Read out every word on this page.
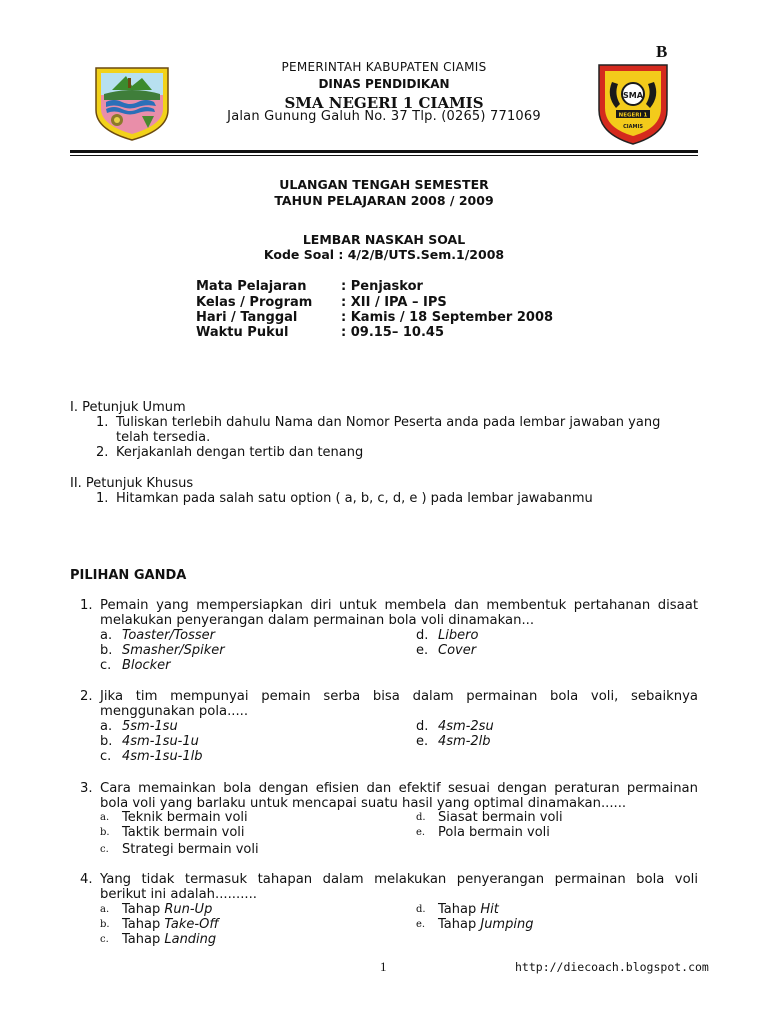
B
PEMERINTAH KABUPATEN CIAMIS
DINAS PENDIDIKAN
SMA NEGERI 1 CIAMIS
Jalan Gunung Galuh No. 37 Tlp. (0265) 771069
SMA
NEGERI 1
CIAMIS
ULANGAN TENGAH SEMESTER
TAHUN PELAJARAN 2008 / 2009
LEMBAR NASKAH SOAL
Kode Soal : 4/2/B/UTS.Sem.1/2008
Mata Pelajaran	: Penjaskor
Kelas / Program : XII / IPA – IPS
Hari / Tanggal	: Kamis / 18 September 2008
Waktu Pukul	: 09.15– 10.45
I. Petunjuk Umum
1. Tuliskan terlebih dahulu Nama dan Nomor Peserta anda pada lembar jawaban yang
telah tersedia.
2. Kerjakanlah dengan tertib dan tenang
II. Petunjuk Khusus
1. Hitamkan pada salah satu option ( a, b, c, d, e ) pada lembar jawabanmu
PILIHAN GANDA
1. Pemain yang mempersiapkan diri untuk membela dan membentuk pertahanan disaat
melakukan penyerangan dalam permainan bola voli dinamakan...
a. Toaster/Tosser
b. Smasher/Spiker
c. Blocker
d. Libero
e. Cover
2. Jika tim mempunyai pemain serba bisa dalam permainan bola voli, sebaiknya
menggunakan pola.....
a. 5sm-1su
b. 4sm-1su-1u
c. 4sm-1su-1lb
d. 4sm-2su
e. 4sm-2lb
3. Cara memainkan bola dengan efisien dan efektif sesuai dengan peraturan permainan
bola voli yang barlaku untuk mencapai suatu hasil yang optimal dinamakan......
a. Teknik bermain voli
b. Taktik bermain voli
c. Strategi bermain voli
d. Siasat bermain voli
e. Pola bermain voli
4. Yang tidak termasuk tahapan dalam melakukan penyerangan permainan bola voli
berikut ini adalah..........
a. Tahap Run-Up
b. Tahap Take-Off
c. Tahap Landing
d. Tahap Hit
e. Tahap Jumping
1	http://diecoach.blogspot.com
